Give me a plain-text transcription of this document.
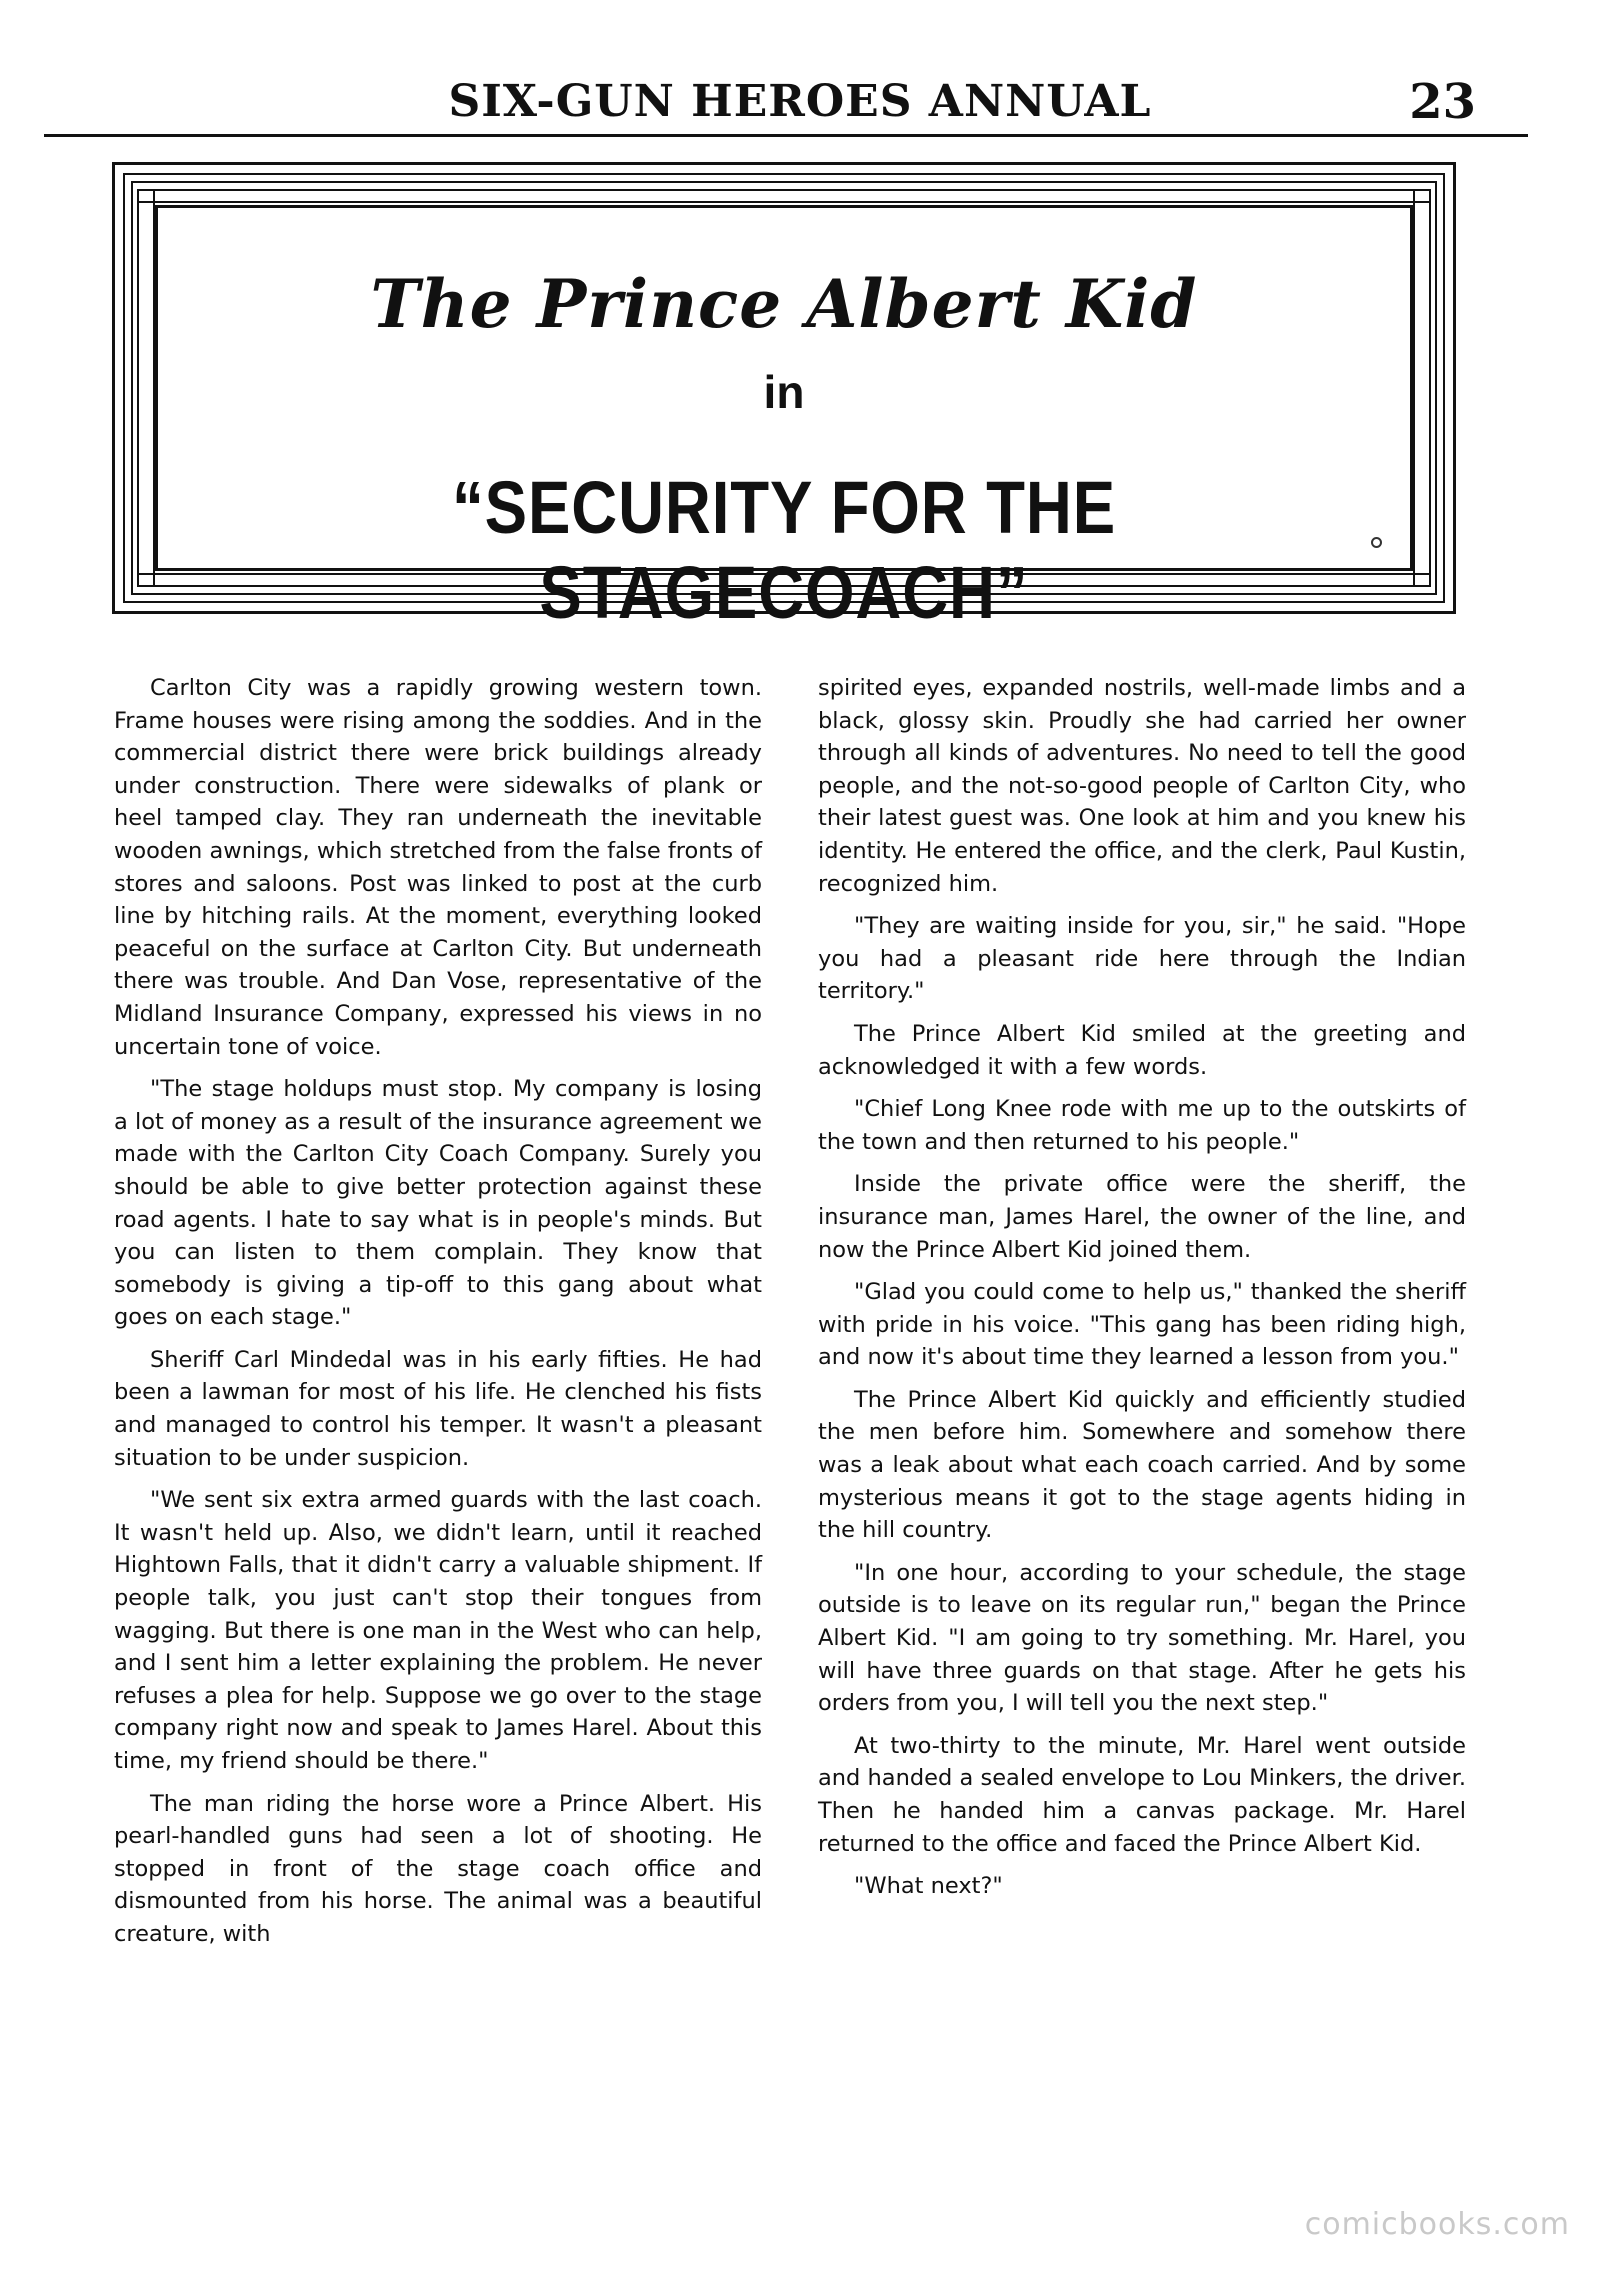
SIX-GUN HEROES ANNUAL	23
The Prince Albert Kid
in
“SECURITY FOR THE STAGECOACH”

Carlton City was a rapidly growing western town. Frame houses were rising among the soddies. And in the commercial district there were brick buildings already under construction. There were sidewalks of plank or heel tamped clay. They ran underneath the inevitable wooden awnings, which stretched from the false fronts of stores and saloons. Post was linked to post at the curb line by hitching rails. At the moment, everything looked peaceful on the surface at Carlton City. But underneath there was trouble. And Dan Vose, representative of the Midland Insurance Company, expressed his views in no uncertain tone of voice.

"The stage holdups must stop. My company is losing a lot of money as a result of the insurance agreement we made with the Carlton City Coach Company. Surely you should be able to give better protection against these road agents. I hate to say what is in people's minds. But you can listen to them complain. They know that somebody is giving a tip-off to this gang about what goes on each stage."

Sheriff Carl Mindedal was in his early fifties. He had been a lawman for most of his life. He clenched his fists and managed to control his temper. It wasn't a pleasant situation to be under suspicion.

"We sent six extra armed guards with the last coach. It wasn't held up. Also, we didn't learn, until it reached Hightown Falls, that it didn't carry a valuable shipment. If people talk, you just can't stop their tongues from wagging. But there is one man in the West who can help, and I sent him a letter explaining the problem. He never refuses a plea for help. Suppose we go over to the stage company right now and speak to James Harel. About this time, my friend should be there."

The man riding the horse wore a Prince Albert. His pearl-handled guns had seen a lot of shooting. He stopped in front of the stage coach office and dismounted from his horse. The animal was a beautiful creature, with

spirited eyes, expanded nostrils, well-made limbs and a black, glossy skin. Proudly she had carried her owner through all kinds of adventures. No need to tell the good people, and the not-so-good people of Carlton City, who their latest guest was. One look at him and you knew his identity. He entered the office, and the clerk, Paul Kustin, recognized him.

"They are waiting inside for you, sir," he said. "Hope you had a pleasant ride here through the Indian territory."

The Prince Albert Kid smiled at the greeting and acknowledged it with a few words.

"Chief Long Knee rode with me up to the outskirts of the town and then returned to his people."

Inside the private office were the sheriff, the insurance man, James Harel, the owner of the line, and now the Prince Albert Kid joined them.

"Glad you could come to help us," thanked the sheriff with pride in his voice. "This gang has been riding high, and now it's about time they learned a lesson from you."

The Prince Albert Kid quickly and efficiently studied the men before him. Somewhere and somehow there was a leak about what each coach carried. And by some mysterious means it got to the stage agents hiding in the hill country.

"In one hour, according to your schedule, the stage outside is to leave on its regular run," began the Prince Albert Kid. "I am going to try something. Mr. Harel, you will have three guards on that stage. After he gets his orders from you, I will tell you the next step."

At two-thirty to the minute, Mr. Harel went outside and handed a sealed envelope to Lou Minkers, the driver. Then he handed him a canvas package. Mr. Harel returned to the office and faced the Prince Albert Kid.

"What next?"

comicbooks.com
